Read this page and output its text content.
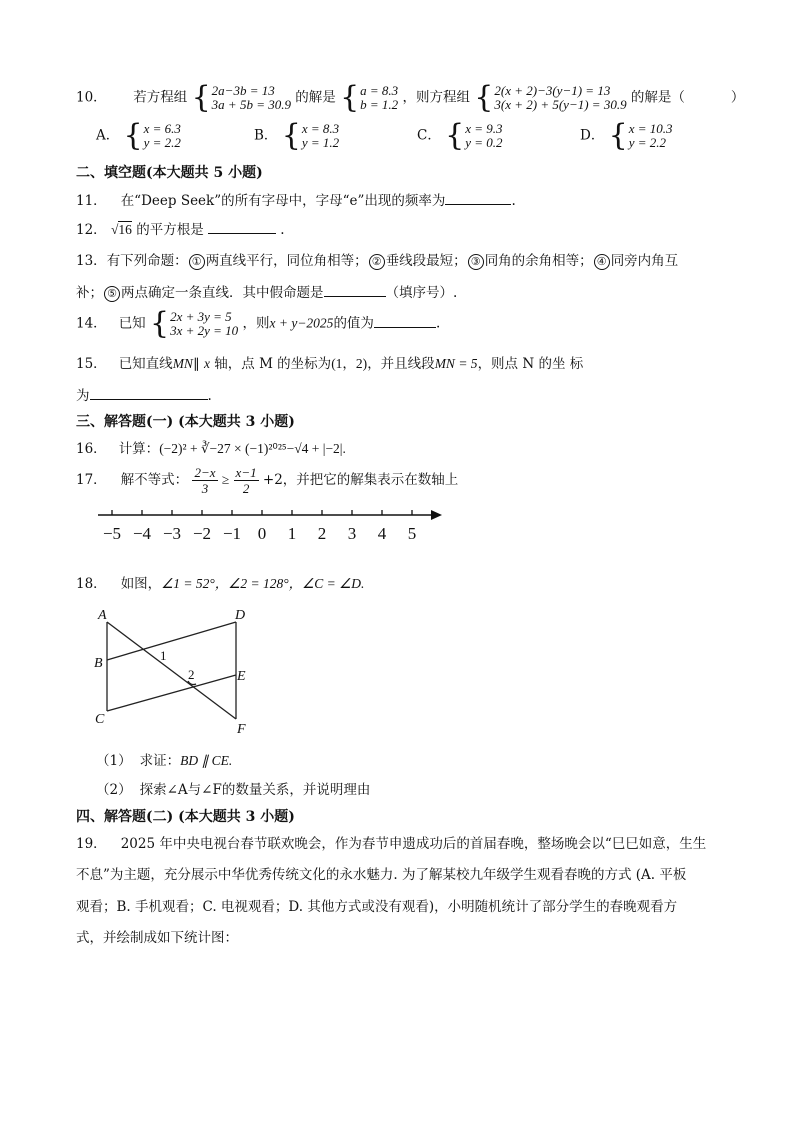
10． 若方程组 { 2a−3b = 13
3a + 5b = 30.9 的解是 { a = 8.3
b = 1.2 ，则方程组 { 2(x + 2)−3(y−1) = 13
3(x + 2) + 5(y−1) = 30.9 的解是（	）
A． { x = 6.3
y = 2.2	B． { x = 8.3
y = 1.2	C． { x = 9.3
y = 0.2	D． { x = 10.3
y = 2.2
二、填空题(本大题共 5 小题)
11． 在“Deep Seek”的所有字母中，字母“e”出现的频率为	.
12． √16 的平方根是	.
13．有下列命题： ① 两直线平行，同位角相等； ② 垂线段最短； ③ 同角的余角相等； ④ 同旁内角互
补； ⑤ 两点确定一条直线．其中假命题是	（填序号）.
14． 已知 { 2x + 3y = 5
3x + 2y = 10 ，则x + y−2025的值为	.
15． 已知直线MN∥ x 轴，点 M 的坐标为(1，2)，并且线段MN = 5，则点 N 的坐 标
为	.
三、解答题(一) (本大题共 3 小题)
16． 计算：(−2)² + ∛−27 × (−1)²⁰²⁵−√4 + |−2|.
17． 解不等式： $\frac{2-x}{3} \ge \frac{x-1}{2} +2$，并把它的解集表示在数轴上
−5 −4 −3 −2 −1 0 1 2 3 4 5
18． 如图，∠1 = 52°，∠2 = 128°，∠C = ∠D.
A
B
C
D
E
F
1
2
（1） 求证：BD ∥ CE.
（2） 探索∠A与∠F的数量关系，并说明理由
四、解答题(二) (本大题共 3 小题)
19． 2025 年中央电视台春节联欢晚会，作为春节申遗成功后的首届春晚，整场晚会以“巳巳如意，生生
不息”为主题，充分展示中华优秀传统文化的永水魅力. 为了解某校九年级学生观看春晚的方式 (A. 平板
观看；B. 手机观看；C. 电视观看；D. 其他方式或没有观看)，小明随机统计了部分学生的春晚观看方
式，并绘制成如下统计图：
